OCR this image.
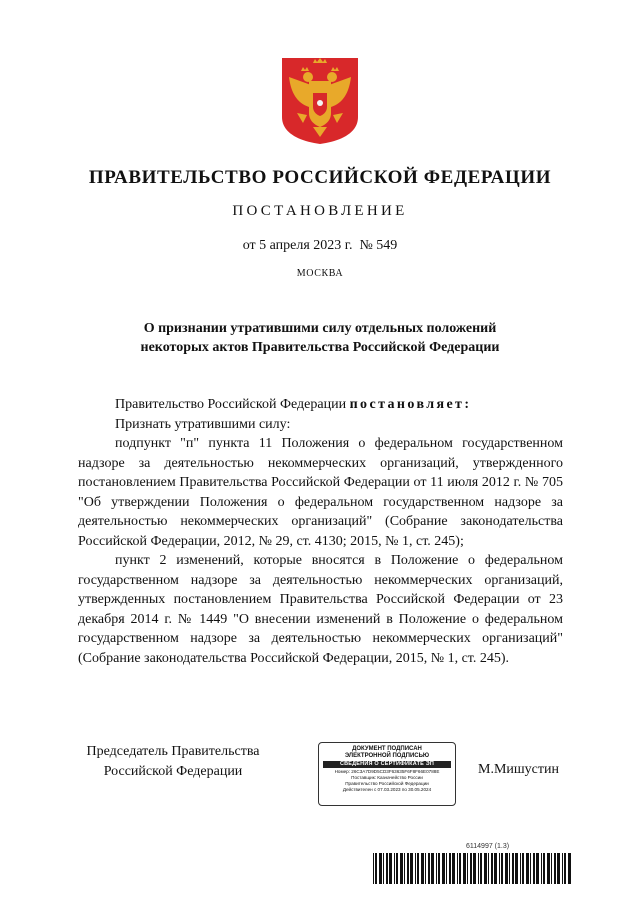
ПРАВИТЕЛЬСТВО РОССИЙСКОЙ ФЕДЕРАЦИИ
ПОСТАНОВЛЕНИЕ
от 5 апреля 2023 г.  № 549
МОСКВА
О признании утратившими силу отдельных положений
некоторых актов Правительства Российской Федерации

Правительство Российской Федерации постановляет:

Признать утратившими силу:

подпункт "п" пункта 11 Положения о федеральном государственном надзоре за деятельностью некоммерческих организаций, утвержденного постановлением Правительства Российской Федерации от 11 июля 2012 г. № 705 "Об утверждении Положения о федеральном государственном надзоре за деятельностью некоммерческих организаций" (Собрание законодательства Российской Федерации, 2012, № 29, ст. 4130; 2015, № 1, ст. 245);

пункт 2 изменений, которые вносятся в Положение о федеральном государственном надзоре за деятельностью некоммерческих организаций, утвержденных постановлением Правительства Российской Федерации от 23 декабря 2014 г. № 1449 "О внесении изменений в Положение о федеральном государственном надзоре за деятельностью некоммерческих организаций" (Собрание законодательства Российской Федерации, 2015, № 1, ст. 245).

Председатель Правительства
Российской Федерации
ДОКУМЕНТ ПОДПИСАН
ЭЛЕКТРОННОЙ ПОДПИСЬЮ
СВЕДЕНИЯ О СЕРТИФИКАТЕ ЭП
Номер: 26C3A7D9D5CD3F63635F6F8F66E0788E
Поставщик: Казначейство России
Правительство Российской Федерации
Действителен с 07.03.2023 по 30.05.2024
М.Мишустин
6114997 (1.3)
